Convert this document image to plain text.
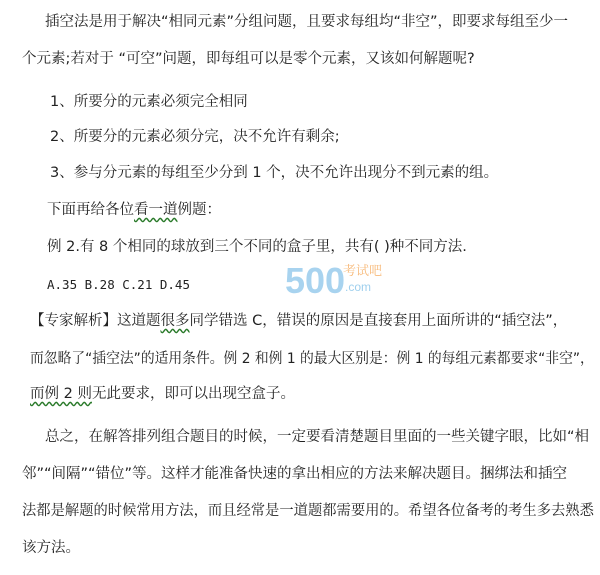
插空法是用于解决“相同元素”分组问题，且要求每组均“非空”，即要求每组至少一
个元素;若对于 “可空”问题，即每组可以是零个元素，又该如何解题呢?
1、所要分的元素必须完全相同
2、所要分的元素必须分完，决不允许有剩余;
3、参与分元素的每组至少分到 1 个，决不允许出现分不到元素的组。
下面再给各位看一道例题：
例 2.有 8 个相同的球放到三个不同的盒子里，共有( )种不同方法.
A.35 B.28 C.21 D.45	500
考试吧
.com
【专家解析】这道题很多同学错选 C，错误的原因是直接套用上面所讲的“插空法”，
而忽略了“插空法”的适用条件。例 2 和例 1 的最大区别是：例 1 的每组元素都要求“非空”，
而例 2 则无此要求，即可以出现空盒子。
总之，在解答排列组合题目的时候，一定要看清楚题目里面的一些关键字眼，比如“相
邻”“间隔”“错位”等。这样才能准备快速的拿出相应的方法来解决题目。捆绑法和插空
法都是解题的时候常用方法，而且经常是一道题都需要用的。希望各位备考的考生多去熟悉
该方法。
